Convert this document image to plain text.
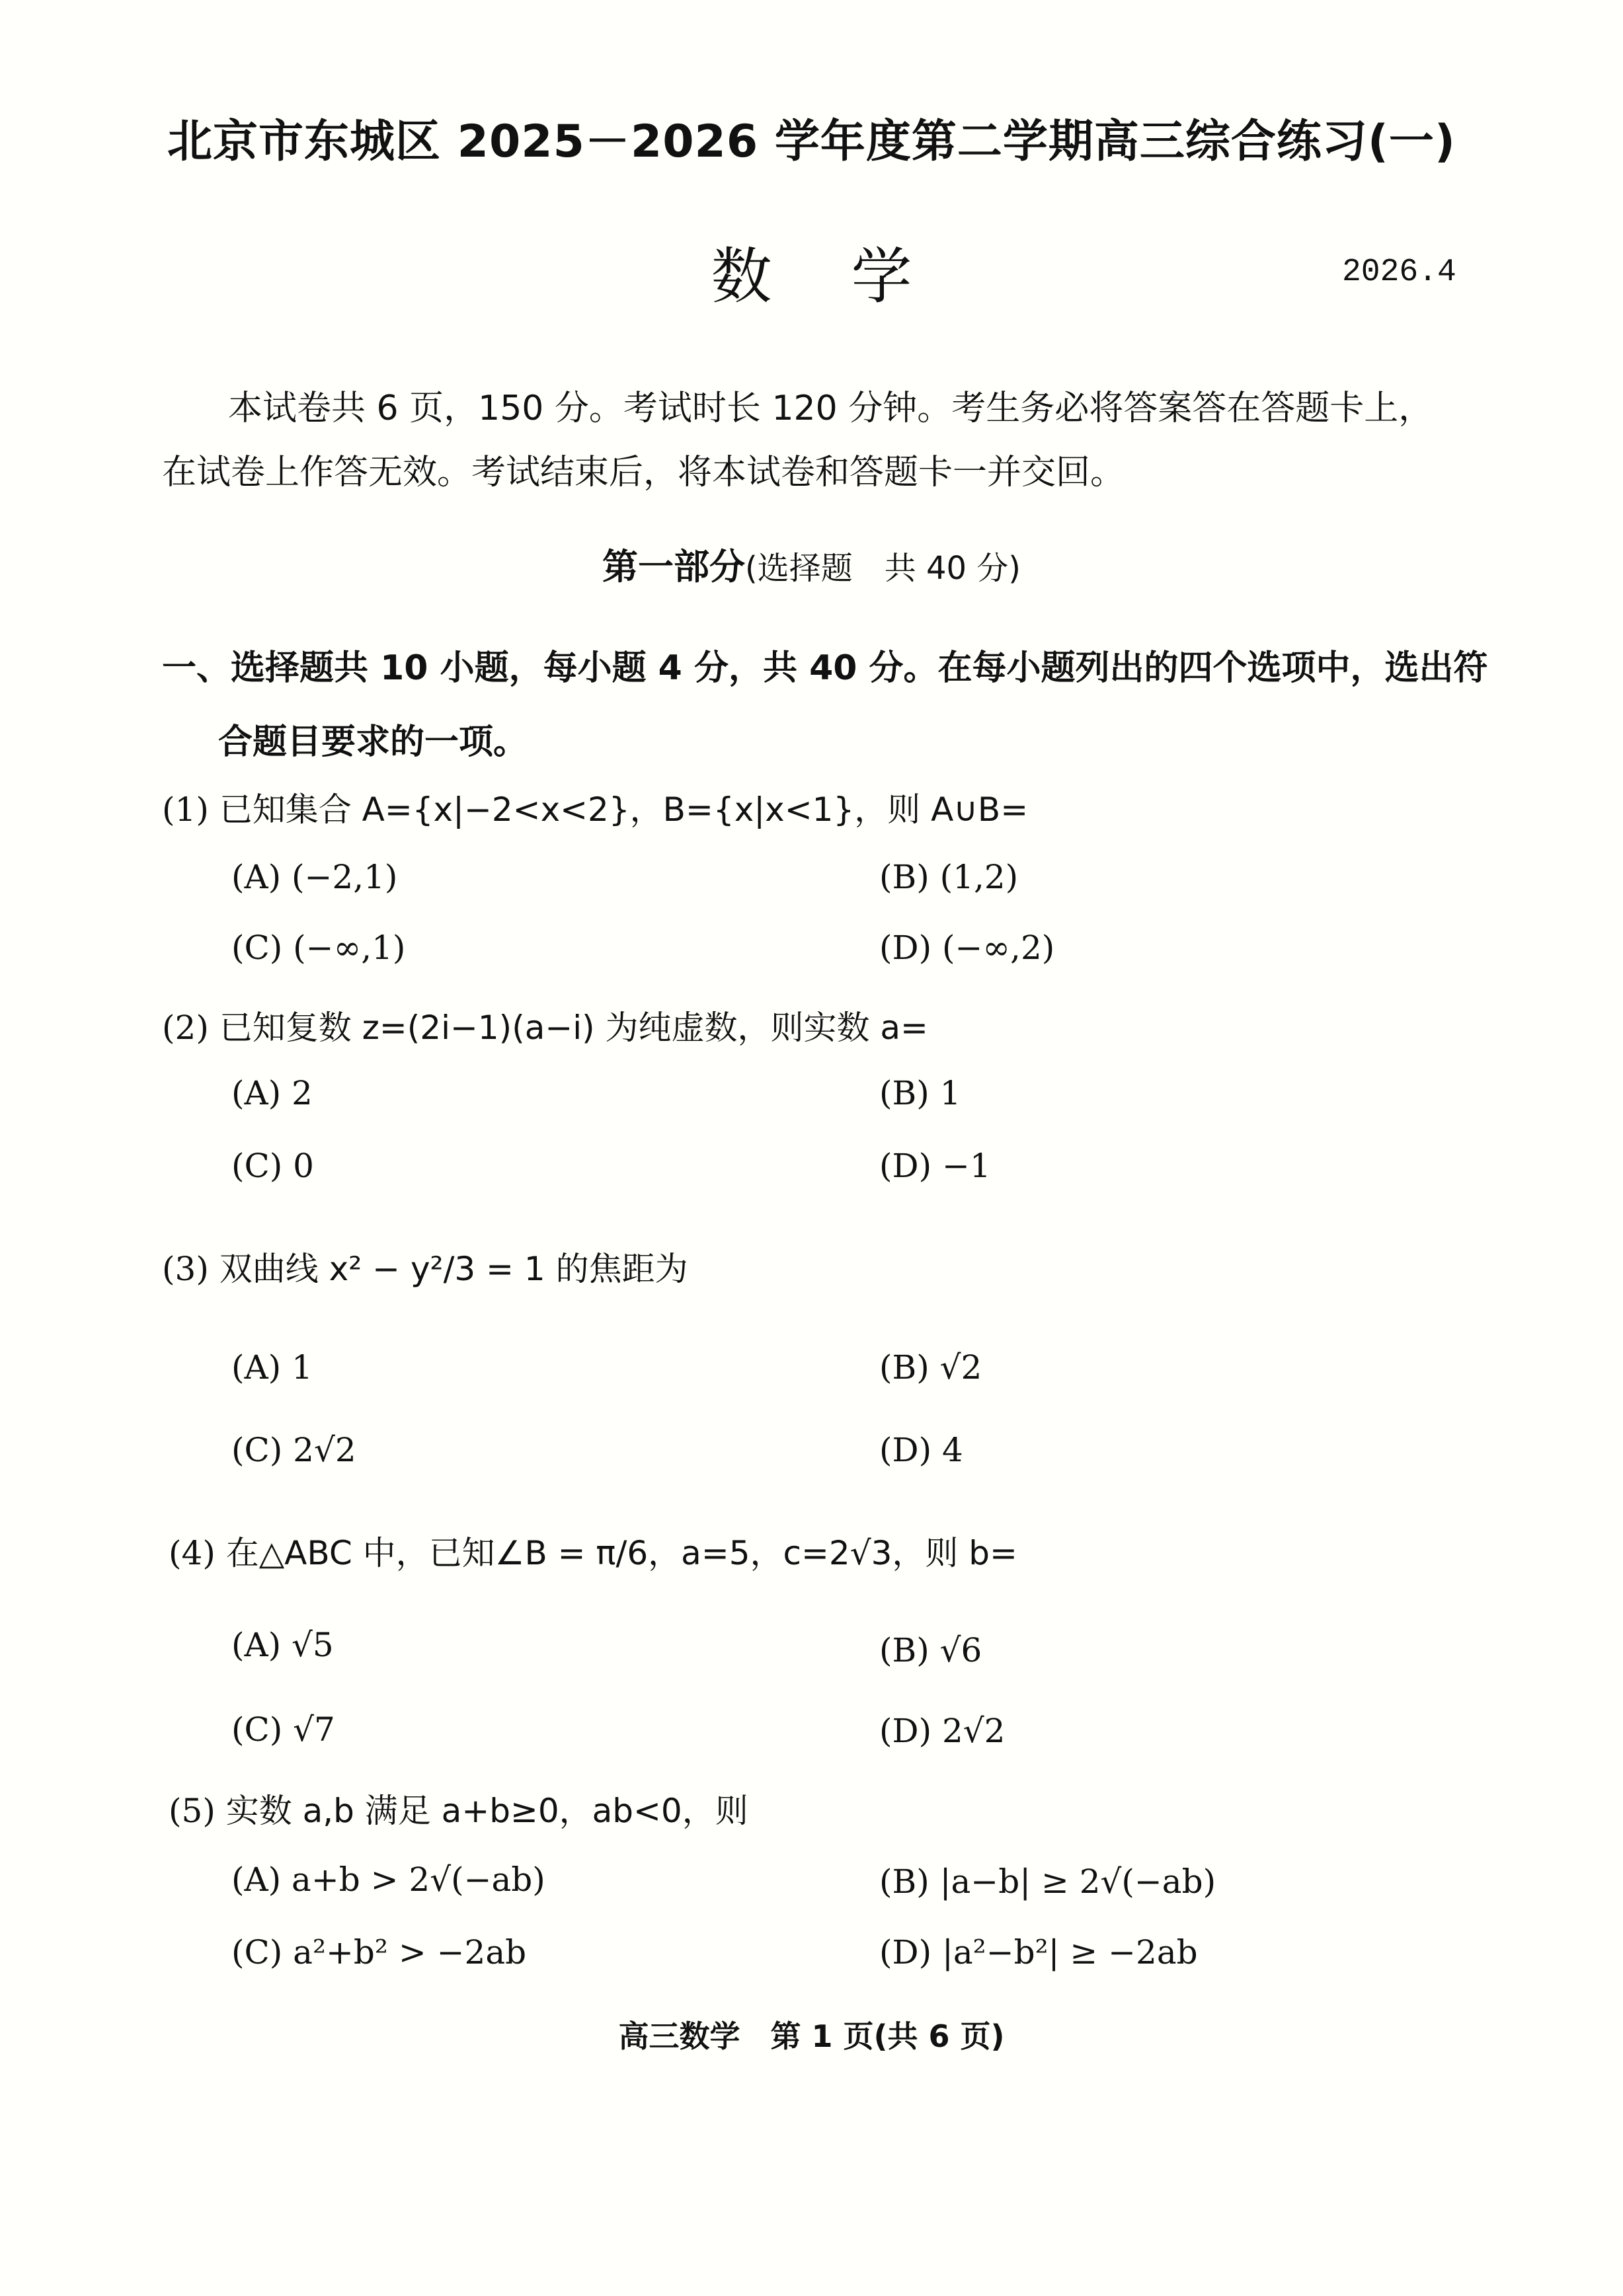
北京市东城区 2025－2026 学年度第二学期高三综合练习(一)
数学	2026.4
本试卷共 6 页，150 分。考试时长 120 分钟。考生务必将答案答在答题卡上，
在试卷上作答无效。考试结束后，将本试卷和答题卡一并交回。
第一部分(选择题　共 40 分)
一、选择题共 10 小题，每小题 4 分，共 40 分。在每小题列出的四个选项中，选出符
合题目要求的一项。
(1) 已知集合 A={x|−2<x<2}，B={x|x<1}，则 A∪B=
(A) (−2,1)	(B) (1,2)
(C) (−∞,1)	(D) (−∞,2)
(2) 已知复数 z=(2i−1)(a−i) 为纯虚数，则实数 a=
(A) 2	(B) 1
(C) 0	(D) −1
(3) 双曲线 x² − y²/3 = 1 的焦距为
(A) 1	(B) √2
(C) 2√2	(D) 4
(4) 在△ABC 中，已知∠B = π/6，a=5，c=2√3，则 b=
(A) √5	(B) √6
(C) √7	(D) 2√2
(5) 实数 a,b 满足 a+b≥0，ab<0，则
(A) a+b > 2√(−ab)	(B) |a−b| ≥ 2√(−ab)
(C) a²+b² > −2ab	(D) |a²−b²| ≥ −2ab
高三数学　第 1 页(共 6 页)
